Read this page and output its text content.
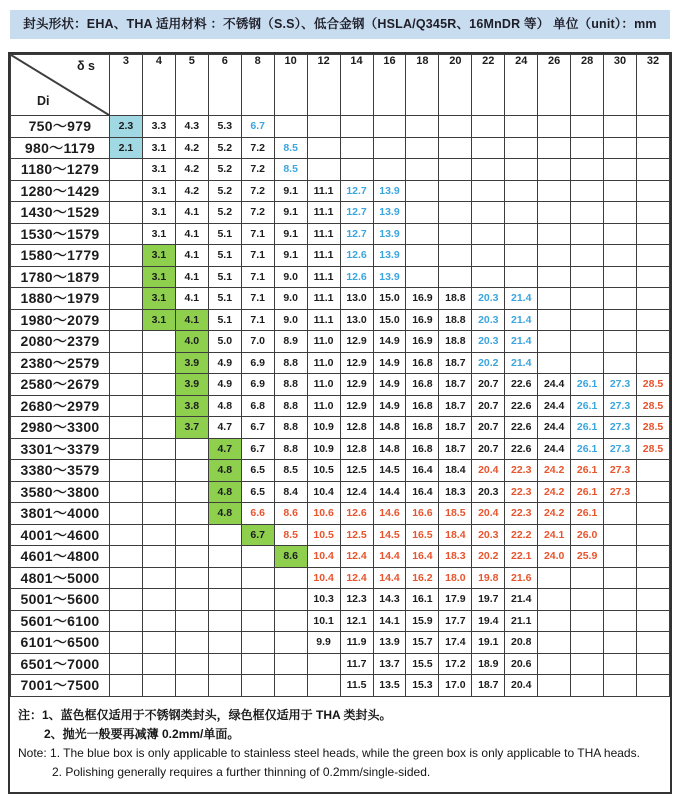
封头形状：EHA、THA 适用材料 ：不锈钢（S.S）、低合金钢（HSLA/Q345R、16MnDR 等） 单位（unit）：mm
δ s
Di	3	4	5	6	8	10	12	14	16	18	20	22	24	26	28	30	32
750～979	2.3	3.3	4.3	5.3	6.7												
980～1179	2.1	3.1	4.2	5.2	7.2	8.5											
1180～1279		3.1	4.2	5.2	7.2	8.5											
1280～1429		3.1	4.2	5.2	7.2	9.1	11.1	12.7	13.9								
1430～1529		3.1	4.1	5.2	7.2	9.1	11.1	12.7	13.9								
1530～1579		3.1	4.1	5.1	7.1	9.1	11.1	12.7	13.9								
1580～1779		3.1	4.1	5.1	7.1	9.1	11.1	12.6	13.9								
1780～1879		3.1	4.1	5.1	7.1	9.0	11.1	12.6	13.9								
1880～1979		3.1	4.1	5.1	7.1	9.0	11.1	13.0	15.0	16.9	18.8	20.3	21.4				
1980～2079		3.1	4.1	5.1	7.1	9.0	11.1	13.0	15.0	16.9	18.8	20.3	21.4				
2080～2379			4.0	5.0	7.0	8.9	11.0	12.9	14.9	16.9	18.8	20.3	21.4				
2380～2579			3.9	4.9	6.9	8.8	11.0	12.9	14.9	16.8	18.7	20.2	21.4				
2580～2679			3.9	4.9	6.9	8.8	11.0	12.9	14.9	16.8	18.7	20.7	22.6	24.4	26.1	27.3	28.5
2680～2979			3.8	4.8	6.8	8.8	11.0	12.9	14.9	16.8	18.7	20.7	22.6	24.4	26.1	27.3	28.5
2980～3300			3.7	4.7	6.7	8.8	10.9	12.8	14.8	16.8	18.7	20.7	22.6	24.4	26.1	27.3	28.5
3301～3379				4.7	6.7	8.8	10.9	12.8	14.8	16.8	18.7	20.7	22.6	24.4	26.1	27.3	28.5
3380～3579				4.8	6.5	8.5	10.5	12.5	14.5	16.4	18.4	20.4	22.3	24.2	26.1	27.3	
3580～3800				4.8	6.5	8.4	10.4	12.4	14.4	16.4	18.3	20.3	22.3	24.2	26.1	27.3	
3801～4000				4.8	6.6	8.6	10.6	12.6	14.6	16.6	18.5	20.4	22.3	24.2	26.1		
4001～4600					6.7	8.5	10.5	12.5	14.5	16.5	18.4	20.3	22.2	24.1	26.0		
4601～4800						8.6	10.4	12.4	14.4	16.4	18.3	20.2	22.1	24.0	25.9		
4801～5000							10.4	12.4	14.4	16.2	18.0	19.8	21.6				
5001～5600							10.3	12.3	14.3	16.1	17.9	19.7	21.4				
5601～6100							10.1	12.1	14.1	15.9	17.7	19.4	21.1				
6101～6500							9.9	11.9	13.9	15.7	17.4	19.1	20.8				
6501～7000								11.7	13.7	15.5	17.2	18.9	20.6				
7001～7500								11.5	13.5	15.3	17.0	18.7	20.4				
注：1、蓝色框仅适用于不锈钢类封头，绿色框仅适用于 THA 类封头。
2、抛光一般要再减薄 0.2mm/单面。
Note: 1. The blue box is only applicable to stainless steel heads, while the green box is only applicable to THA heads.
2. Polishing generally requires a further thinning of 0.2mm/single-sided.
